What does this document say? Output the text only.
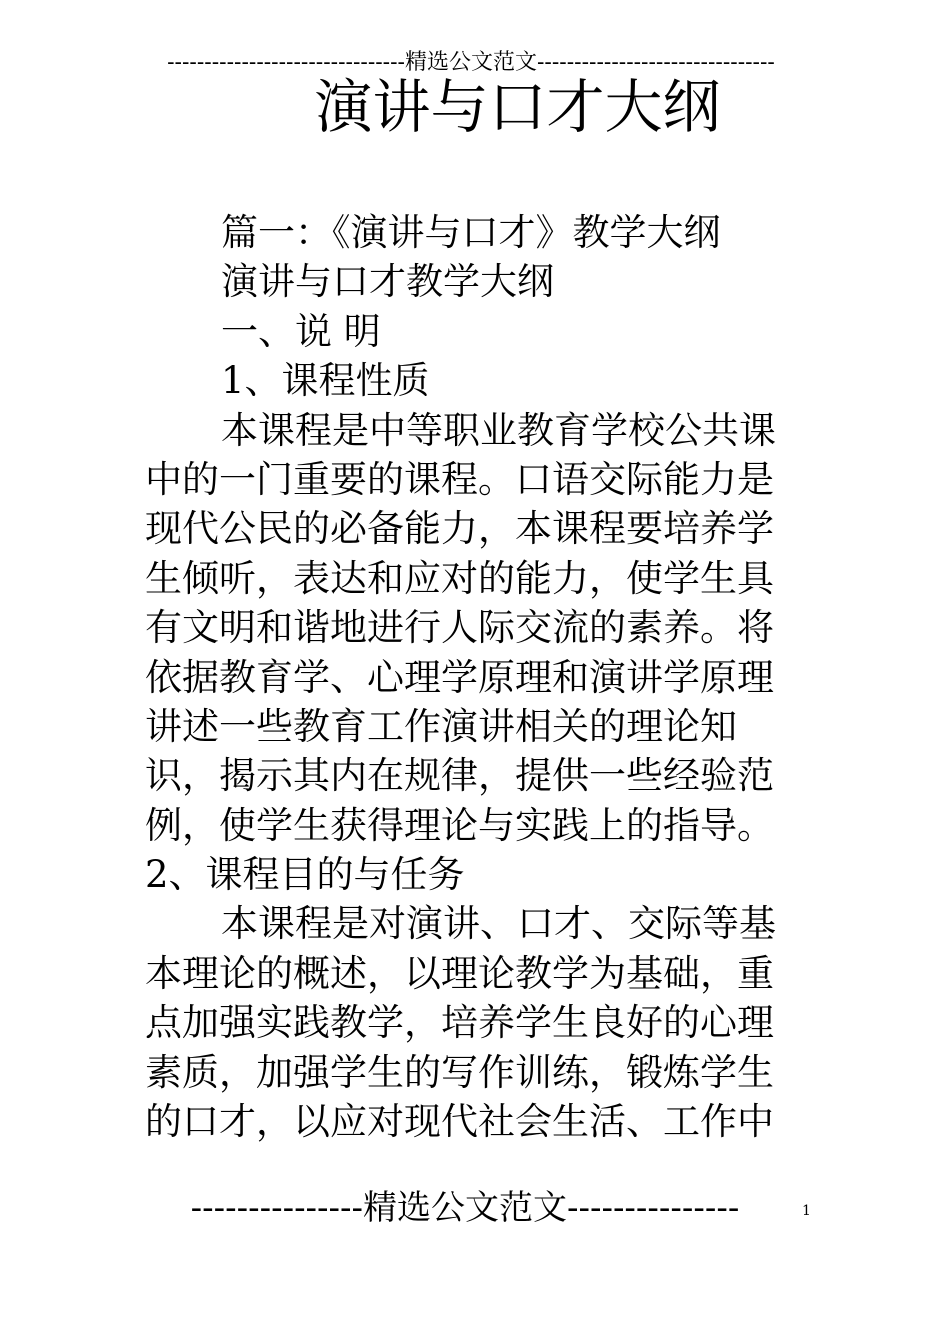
--------------------------------精选公文范文--------------------------------
演讲与口才大纲
篇一：《演讲与口才》教学大纲
演讲与口才教学大纲
一、说 明
1、课程性质
本课程是中等职业教育学校公共课
中的一门重要的课程。口语交际能力是
现代公民的必备能力，本课程要培养学
生倾听，表达和应对的能力，使学生具
有文明和谐地进行人际交流的素养。将
依据教育学、心理学原理和演讲学原理
讲述一些教育工作演讲相关的理论知
识，揭示其内在规律，提供一些经验范
例，使学生获得理论与实践上的指导。
2、课程目的与任务
本课程是对演讲、口才、交际等基
本理论的概述，以理论教学为基础，重
点加强实践教学，培养学生良好的心理
素质，加强学生的写作训练，锻炼学生
的口才，以应对现代社会生活、工作中
---------------精选公文范文---------------	1
